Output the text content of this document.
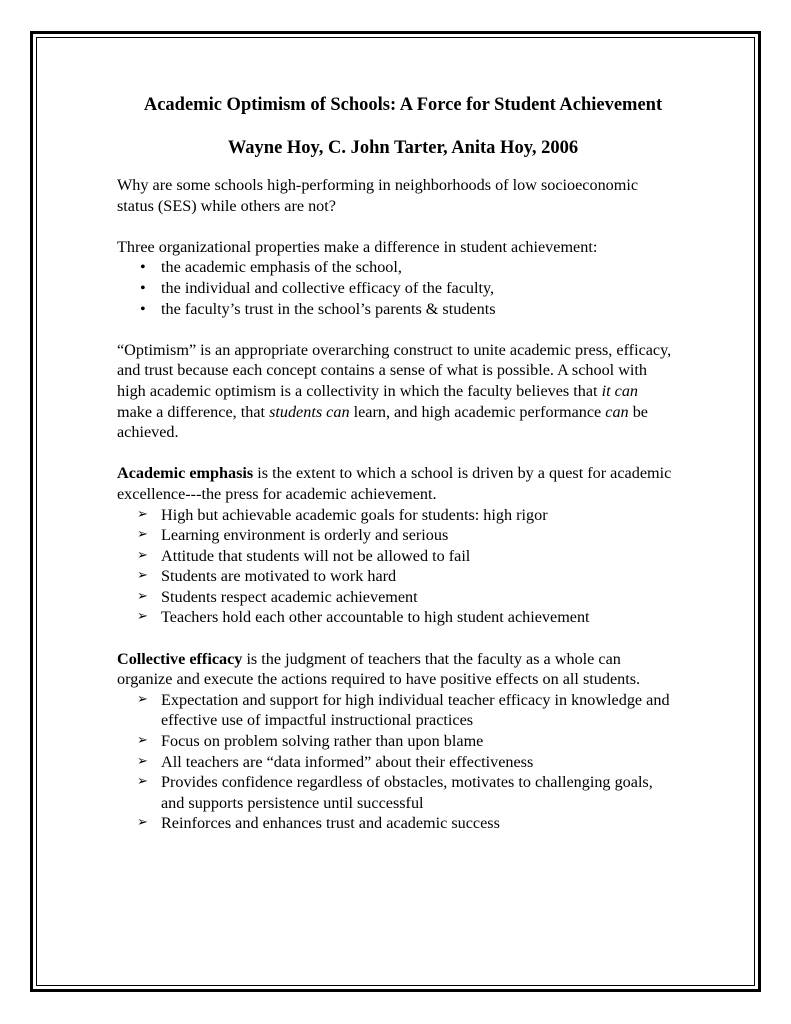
Academic Optimism of Schools: A Force for Student Achievement
Wayne Hoy, C. John Tarter, Anita Hoy, 2006

Why are some schools high-performing in neighborhoods of low socioeconomic status (SES) while others are not?

Three organizational properties make a difference in student achievement:

• the academic emphasis of the school,
• the individual and collective efficacy of the faculty,
• the faculty’s trust in the school’s parents & students

“Optimism” is an appropriate overarching construct to unite academic press, efficacy, and trust because each concept contains a sense of what is possible. A school with high academic optimism is a collectivity in which the faculty believes that it can make a difference, that students can learn, and high academic performance can be achieved.

Academic emphasis is the extent to which a school is driven by a quest for academic excellence---the press for academic achievement.

➢ High but achievable academic goals for students: high rigor
➢ Learning environment is orderly and serious
➢ Attitude that students will not be allowed to fail
➢ Students are motivated to work hard
➢ Students respect academic achievement
➢ Teachers hold each other accountable to high student achievement

Collective efficacy is the judgment of teachers that the faculty as a whole can organize and execute the actions required to have positive effects on all students.

➢ Expectation and support for high individual teacher efficacy in knowledge and effective use of impactful instructional practices
➢ Focus on problem solving rather than upon blame
➢ All teachers are “data informed” about their effectiveness
➢ Provides confidence regardless of obstacles, motivates to challenging goals, and supports persistence until successful
➢ Reinforces and enhances trust and academic success
